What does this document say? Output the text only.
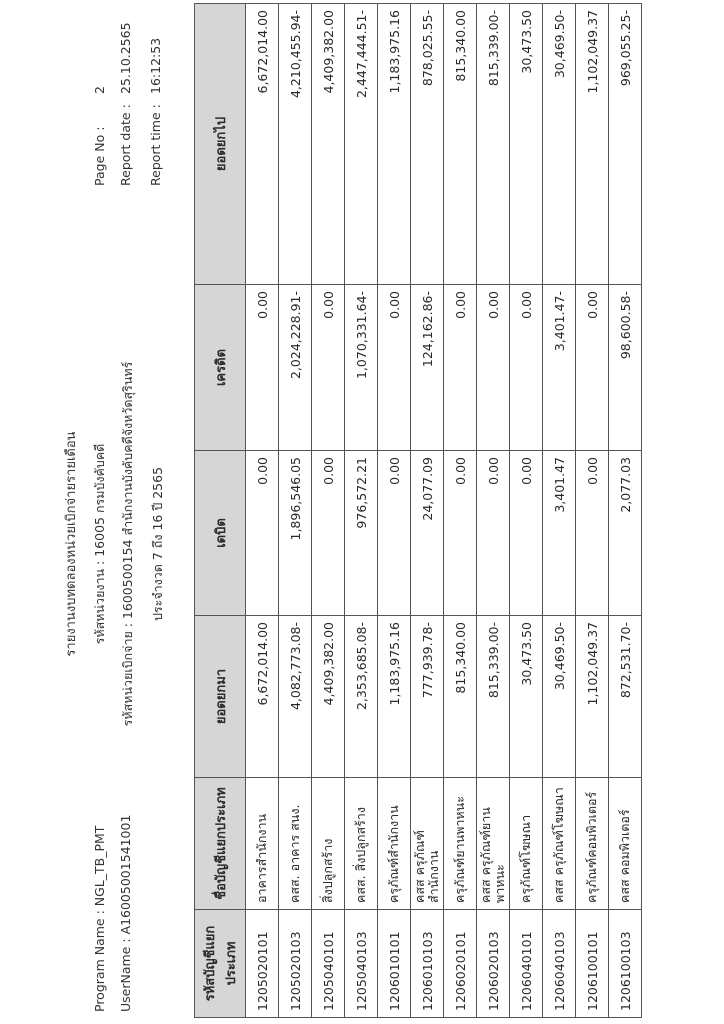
รายงานงบทดลองหน่วยเบิกจ่ายรายเดือน รหัสหน่วยงาน : 16005 กรมบังคับคดี รหัสหน่วยเบิกจ่าย : 1600500154 สำนักงานบังคับคดีจังหวัดสุรินทร์ ประจำงวด 7 ถึง 16 ปี 2565
Program Name : NGL_TB_PMT UserName : A16005001541001
Page No :
2
Report date :
25.10.2565
Report time :
16:12:53
รหัสบัญชีแยกประเภท	ชื่อบัญชีแยกประเภท	ยอดยกมา	เดบิต	เครดิต	ยอดยกไป
1205020101	อาคารสำนักงาน	6,672,014.00	0.00	0.00	6,672,014.00
1205020103	คสส. อาคาร สนง.	4,082,773.08-	1,896,546.05	2,024,228.91-	4,210,455.94-
1205040101	สิ่งปลูกสร้าง	4,409,382.00	0.00	0.00	4,409,382.00
1205040103	คสส. สิ่งปลูกสร้าง	2,353,685.08-	976,572.21	1,070,331.64-	2,447,444.51-
1206010101	ครุภัณฑ์สำนักงาน	1,183,975.16	0.00	0.00	1,183,975.16
1206010103	คสส ครุภัณฑ์สำนักงาน	777,939.78-	24,077.09	124,162.86-	878,025.55-
1206020101	ครุภัณฑ์ยานพาหนะ	815,340.00	0.00	0.00	815,340.00
1206020103	คสส ครุภัณฑ์ยานพาหนะ	815,339.00-	0.00	0.00	815,339.00-
1206040101	ครุภัณฑ์โฆษณา	30,473.50	0.00	0.00	30,473.50
1206040103	คสส ครุภัณฑ์โฆษณา	30,469.50-	3,401.47	3,401.47-	30,469.50-
1206100101	ครุภัณฑ์คอมพิวเตอร์	1,102,049.37	0.00	0.00	1,102,049.37
1206100103	คสส คอมพิวเตอร์	872,531.70-	2,077.03	98,600.58-	969,055.25-
